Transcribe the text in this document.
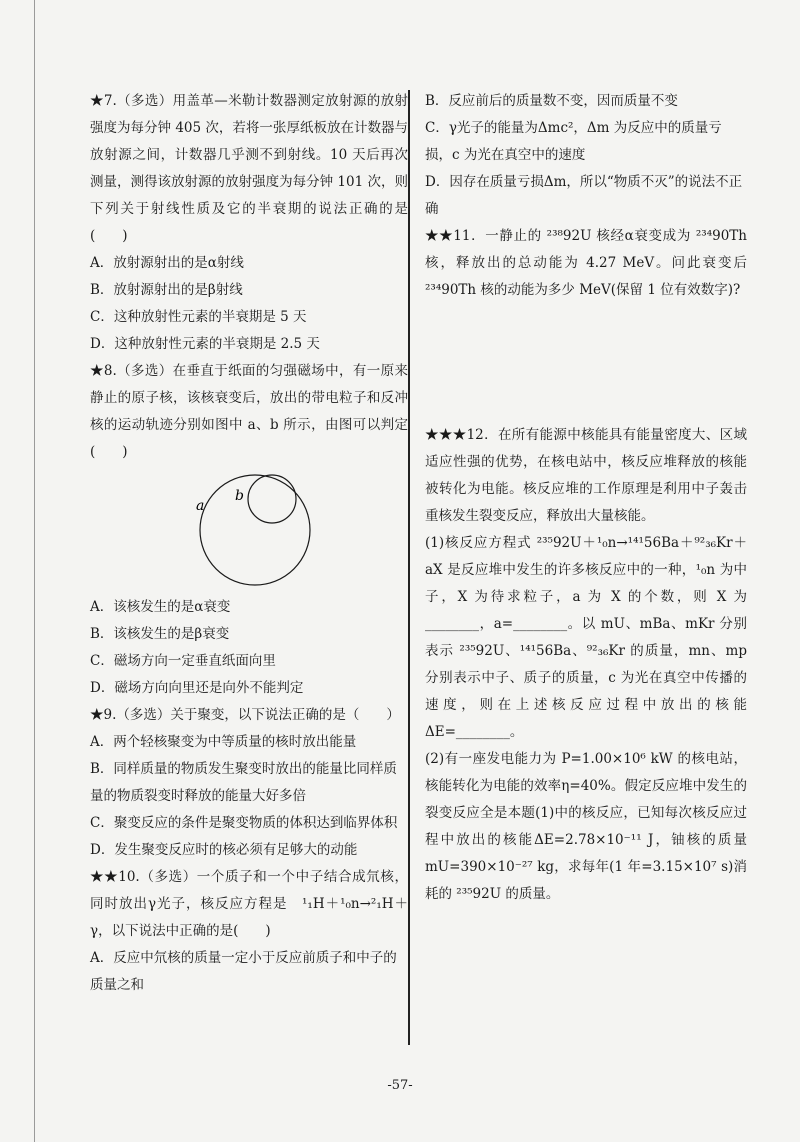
★7.（多选）用盖革—米勒计数器测定放射源的放射强度为每分钟 405 次，若将一张厚纸板放在计数器与放射源之间，计数器几乎测不到射线。10 天后再次测量，测得该放射源的放射强度为每分钟 101 次，则下列关于射线性质及它的半衰期的说法正确的是(　　)

A．放射源射出的是α射线

B．放射源射出的是β射线

C．这种放射性元素的半衰期是 5 天

D．这种放射性元素的半衰期是 2.5 天

★8.（多选）在垂直于纸面的匀强磁场中，有一原来静止的原子核，该核衰变后，放出的带电粒子和反冲核的运动轨迹分别如图中 a、b 所示，由图可以判定(　　)

a
b

A．该核发生的是α衰变

B．该核发生的是β衰变

C．磁场方向一定垂直纸面向里

D．磁场方向向里还是向外不能判定

★9.（多选）关于聚变，以下说法正确的是（　　）

A．两个轻核聚变为中等质量的核时放出能量

B．同样质量的物质发生聚变时放出的能量比同样质量的物质裂变时释放的能量大好多倍

C．聚变反应的条件是聚变物质的体积达到临界体积

D．发生聚变反应时的核必须有足够大的动能

★★10.（多选）一个质子和一个中子结合成氘核，同时放出γ光子，核反应方程是　¹₁H＋¹₀n→²₁H＋γ，以下说法中正确的是(　　)

A．反应中氘核的质量一定小于反应前质子和中子的质量之和

B．反应前后的质量数不变，因而质量不变

C．γ光子的能量为Δmc²，Δm 为反应中的质量亏损，c 为光在真空中的速度

D．因存在质量亏损Δm，所以“物质不灭”的说法不正确

★★11．一静止的 ²³⁸92U 核经α衰变成为 ²³⁴90Th 核，释放出的总动能为 4.27 MeV。问此衰变后 ²³⁴90Th 核的动能为多少 MeV(保留 1 位有效数字)?

★★★12．在所有能源中核能具有能量密度大、区域适应性强的优势，在核电站中，核反应堆释放的核能被转化为电能。核反应堆的工作原理是利用中子轰击重核发生裂变反应，释放出大量核能。

(1)核反应方程式 ²³⁵92U＋¹₀n→¹⁴¹56Ba＋⁹²₃₆Kr＋aX 是反应堆中发生的许多核反应中的一种，¹₀n 为中子，X 为待求粒子，a 为 X 的个数，则 X 为________，a=________。以 mU、mBa、mKr 分别表示 ²³⁵92U、¹⁴¹56Ba、⁹²₃₆Kr 的质量，mn、mp 分别表示中子、质子的质量，c 为光在真空中传播的速度，则在上述核反应过程中放出的核能ΔE=________。

(2)有一座发电能力为 P=1.00×10⁶ kW 的核电站，核能转化为电能的效率η=40%。假定反应堆中发生的裂变反应全是本题(1)中的核反应，已知每次核反应过程中放出的核能ΔE=2.78×10⁻¹¹ J，铀核的质量 mU=390×10⁻²⁷ kg，求每年(1 年=3.15×10⁷ s)消耗的 ²³⁵92U 的质量。

-57-
